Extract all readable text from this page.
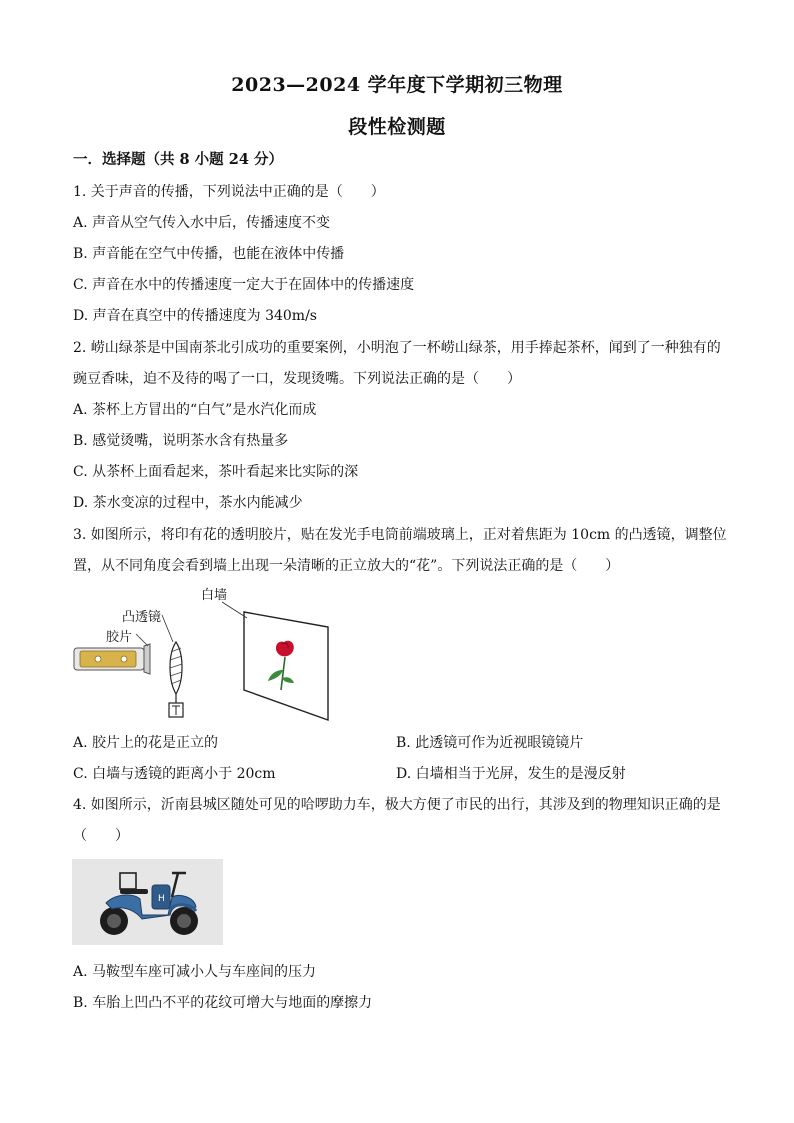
2023—2024 学年度下学期初三物理
段性检测题
一．选择题（共 8 小题 24 分）
1. 关于声音的传播，下列说法中正确的是（　　）
A. 声音从空气传入水中后，传播速度不变
B. 声音能在空气中传播，也能在液体中传播
C. 声音在水中的传播速度一定大于在固体中的传播速度
D. 声音在真空中的传播速度为 340m/s
2. 崂山绿茶是中国南茶北引成功的重要案例，小明泡了一杯崂山绿茶，用手捧起茶杯，闻到了一种独有的
豌豆香味，迫不及待的喝了一口，发现烫嘴。下列说法正确的是（　　）
A. 茶杯上方冒出的“白气”是水汽化而成
B. 感觉烫嘴，说明茶水含有热量多
C. 从茶杯上面看起来，茶叶看起来比实际的深
D. 茶水变凉的过程中，茶水内能减少
3. 如图所示，将印有花的透明胶片，贴在发光手电筒前端玻璃上，正对着焦距为 10cm 的凸透镜，调整位
置，从不同角度会看到墙上出现一朵清晰的正立放大的“花”。下列说法正确的是（　　）
白墙
凸透镜
胶片
A. 胶片上的花是正立的	B. 此透镜可作为近视眼镜镜片
C. 白墙与透镜的距离小于 20cm	D. 白墙相当于光屏，发生的是漫反射
4. 如图所示，沂南县城区随处可见的哈啰助力车，极大方便了市民的出行，其涉及到的物理知识正确的是
（　　）
H
A. 马鞍型车座可减小人与车座间的压力
B. 车胎上凹凸不平的花纹可增大与地面的摩擦力
